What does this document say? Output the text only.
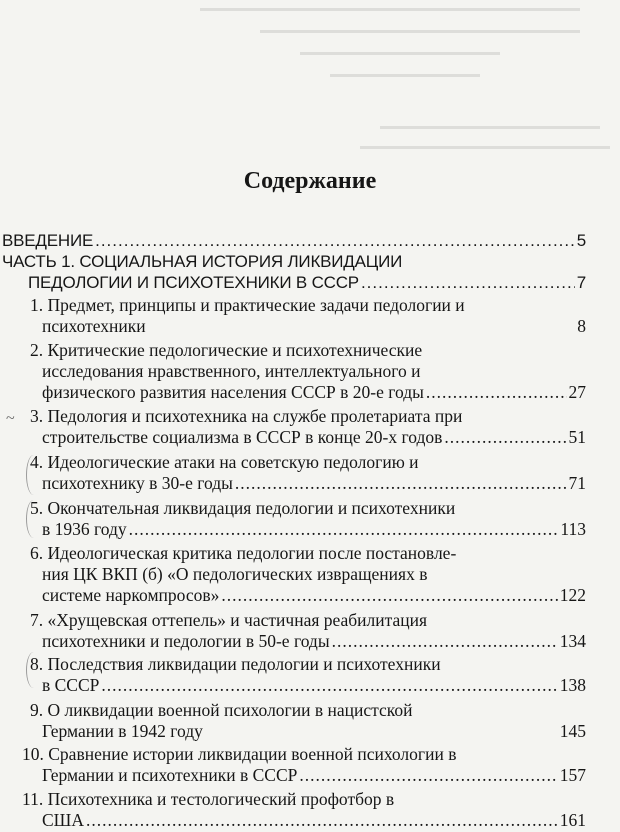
Содержание
ВВЕДЕНИЕ .....	5
ЧАСТЬ 1. СОЦИАЛЬНАЯ ИСТОРИЯ ЛИКВИДАЦИИ
ПЕДОЛОГИИ И ПСИХОТЕХНИКИ В СССР .....	7
1. Предмет, принципы и практические задачи педологии и
психотехники	8
2. Критические педологические и психотехнические
исследования нравственного, интеллектуального и
физического развития населения СССР в 20-е годы .....	27
3. Педология и психотехника на службе пролетариата при
строительстве социализма в СССР в конце 20-х годов .....	51
4. Идеологические атаки на советскую педологию и
психотехнику в 30-е годы .....	71
5. Окончательная ликвидация педологии и психотехники
в 1936 году .....	113
6. Идеологическая критика педологии после постановле-
ния ЦК ВКП (б) «О педологических извращениях в
системе наркомпросов» .....	122
7. «Хрущевская оттепель» и частичная реабилитация
психотехники и педологии в 50-е годы .....	134
8. Последствия ликвидации педологии и психотехники
в СССР .....	138
9. О ликвидации военной психологии в нацистской
Германии в 1942 году	145
10. Сравнение истории ликвидации военной психологии в
Германии и психотехники в СССР .....	157
11. Психотехника и тестологический профотбор в
США .....	161
~
